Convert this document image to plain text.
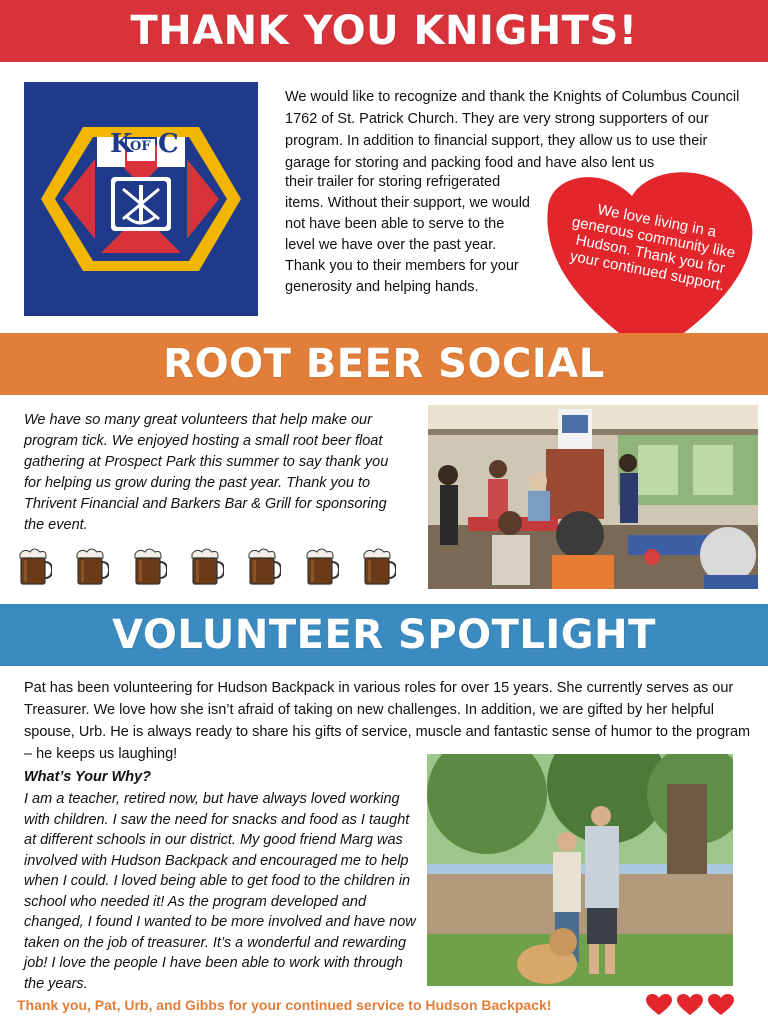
THANK YOU KNIGHTS!
K
OF C
We would like to recognize and thank the Knights of Columbus Council 1762 of St. Patrick Church. They are very strong supporters of our program. In addition to financial support, they allow us to use their garage for storing and packing food and have also lent us
their trailer for storing refrigerated items. Without their support, we would not have been able to serve to the level we have over the past year. Thank you to their members for your generosity and helping hands.
We love living in a generous community like Hudson. Thank you for your continued support.
ROOT BEER SOCIAL
We have so many great volunteers that help make our program tick. We enjoyed hosting a small root beer float gathering at Prospect Park this summer to say thank you for helping us grow during the past year. Thank you to Thrivent Financial and Barkers Bar & Grill for sponsoring the event.
VOLUNTEER SPOTLIGHT
Pat has been volunteering for Hudson Backpack in various roles for over 15 years. She currently serves as our Treasurer. We love how she isn’t afraid of taking on new challenges. In addition, we are gifted by her helpful spouse, Urb. He is always ready to share his gifts of service, muscle and fantastic sense of humor to the program – he keeps us laughing!
What’s Your Why?
I am a teacher, retired now, but have always loved working with children. I saw the need for snacks and food as I taught at different schools in our district. My good friend Marg was involved with Hudson Backpack and encouraged me to help when I could. I loved being able to get food to the children in school who needed it! As the program developed and changed, I found I wanted to be more involved and have now taken on the job of treasurer. It’s a wonderful and rewarding job! I love the people I have been able to work with through the years.
Thank you, Pat, Urb, and Gibbs for your continued service to Hudson Backpack!
